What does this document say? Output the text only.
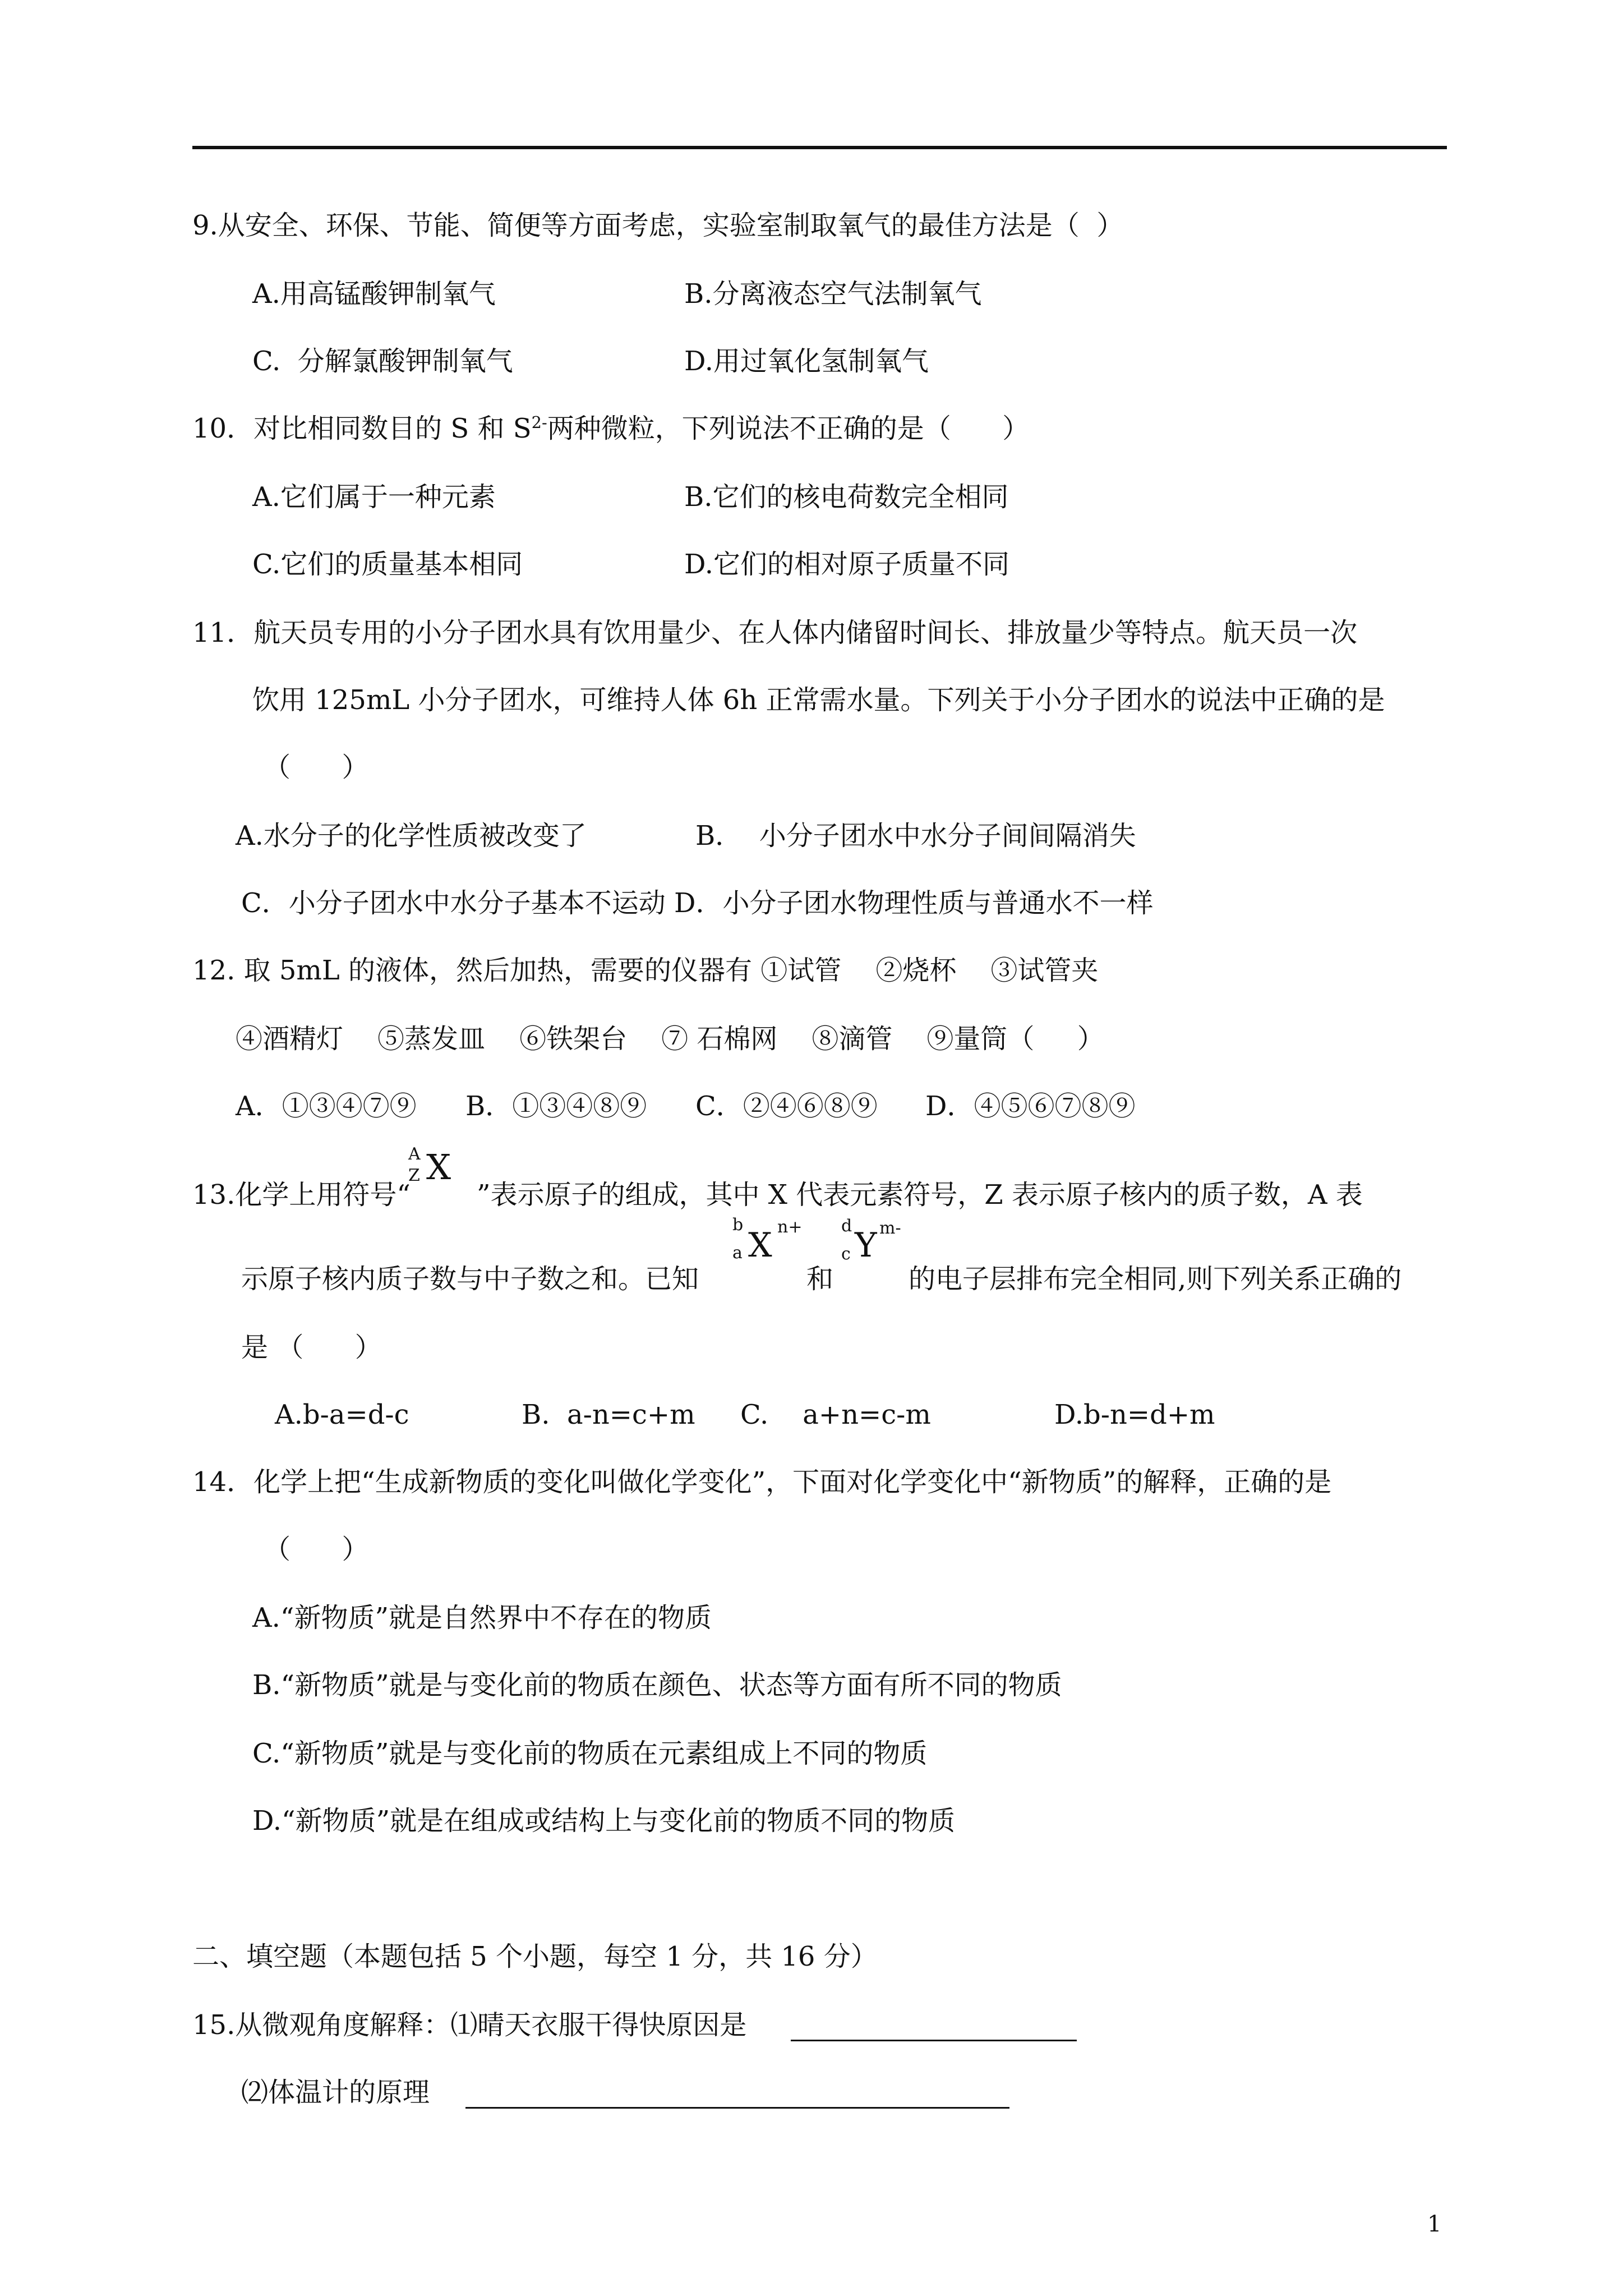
9.从安全、环保、节能、简便等方面考虑，实验室制取氧气的最佳方法是（  ）
A.用高锰酸钾制氧气	B.分离液态空气法制氧气
C.  分解氯酸钾制氧气	D.用过氧化氢制氧气
10．对比相同数目的 S 和 $S^{2-}$两种微粒，下列说法不正确的是（      ）
A.它们属于一种元素	B.它们的核电荷数完全相同
C.它们的质量基本相同	D.它们的相对原子质量不同
11．航天员专用的小分子团水具有饮用量少、在人体内储留时间长、排放量少等特点。航天员一次
饮用 125mL 小分子团水，可维持人体 6h 正常需水量。下列关于小分子团水的说法中正确的是
（      ）
A.水分子的化学性质被改变了	B．  小分子团水中水分子间间隔消失
C．小分子团水中水分子基本不运动 D．小分子团水物理性质与普通水不一样
12. 取 5mL 的液体，然后加热，需要的仪器有 ①试管    ②烧杯    ③试管夹
④酒精灯    ⑤蒸发皿    ⑥铁架台    ⑦ 石棉网    ⑧滴管    ⑨量筒（     ）
A．①③④⑦⑨ B．①③④⑧⑨ C．②④⑥⑧⑨ D．④⑤⑥⑦⑧⑨
13.化学上用符号“
A
Z X
”表示原子的组成，其中 X 代表元素符号，Z 表示原子核内的质子数，A 表
示原子核内质子数与中子数之和。已知
b
a X n+
和
d
c Y m-
的电子层排布完全相同,则下列关系正确的
是 （      ）
A.b-a=d-c	B.  a-n=c+m C.    a+n=c-m	D.b-n=d+m
14．化学上把“生成新物质的变化叫做化学变化”，下面对化学变化中“新物质”的解释，正确的是
（      ）
A.“新物质”就是自然界中不存在的物质
B.“新物质”就是与变化前的物质在颜色、状态等方面有所不同的物质
C.“新物质”就是与变化前的物质在元素组成上不同的物质
D.“新物质”就是在组成或结构上与变化前的物质不同的物质
二、填空题（本题包括 5 个小题，每空 1 分，共 16 分）
15.从微观角度解释：⑴晴天衣服干得快原因是
⑵体温计的原理
1
